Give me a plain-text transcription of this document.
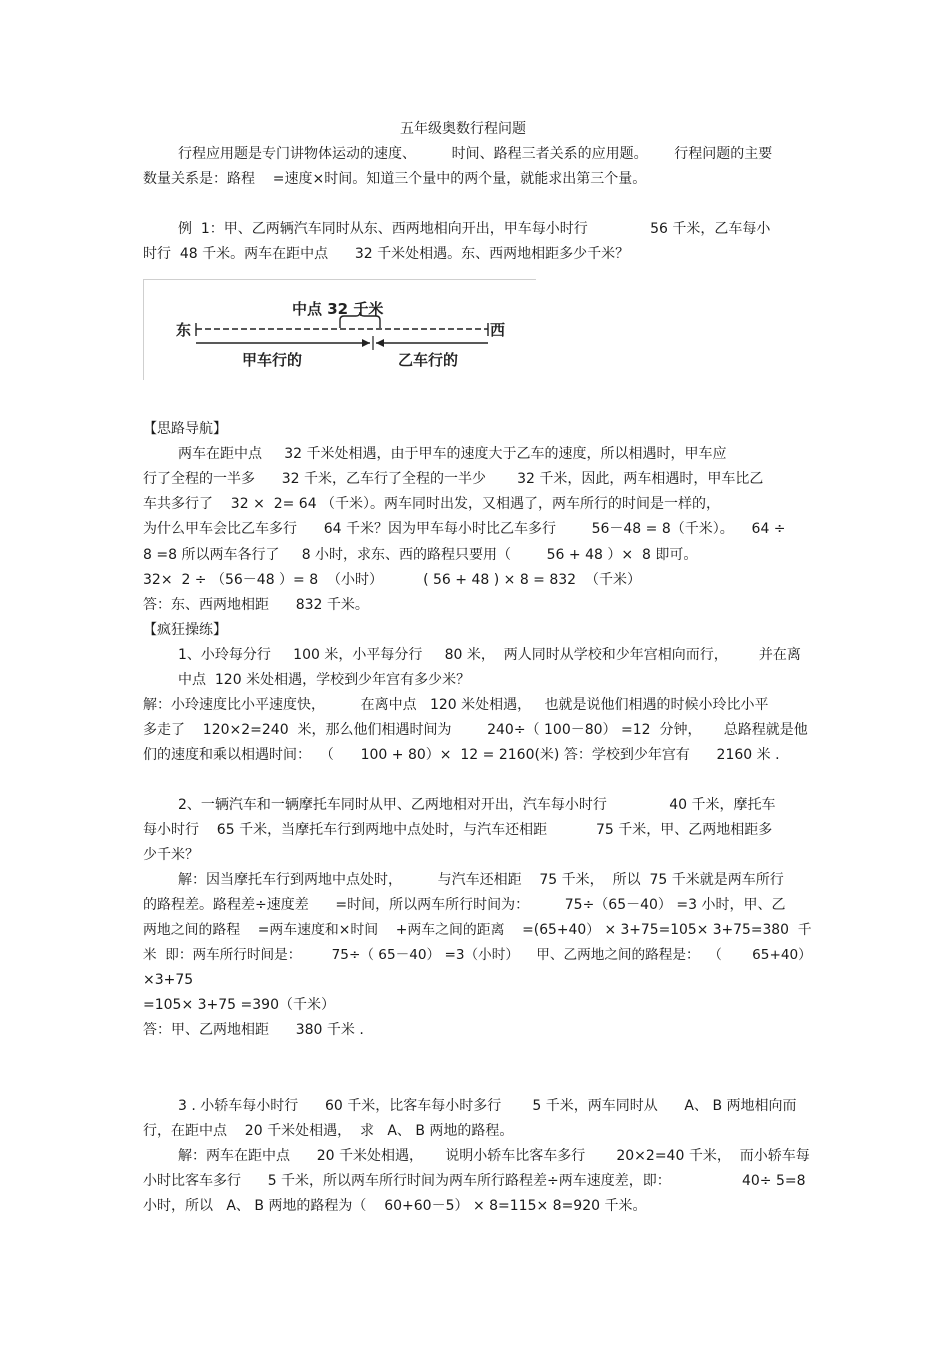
五年级奥数行程问题
行程应用题是专门讲物体运动的速度、        时间、路程三者关系的应用题。      行程问题的主要
数量关系是：路程    =速度×时间。知道三个量中的两个量，就能求出第三个量。
例  1：甲、乙两辆汽车同时从东、西两地相向开出，甲车每小时行              56 千米，乙车每小
时行  48 千米。两车在距中点      32 千米处相遇。东、西两地相距多少千米？
中点 32 千米
东	西
甲车行的	乙车行的
【思路导航】
两车在距中点     32 千米处相遇，由于甲车的速度大于乙车的速度，所以相遇时，甲车应
行了全程的一半多      32 千米，乙车行了全程的一半少       32 千米，因此，两车相遇时，甲车比乙
车共多行了    32 ×  2= 64 （千米）。两车同时出发，又相遇了，两车所行的时间是一样的，
为什么甲车会比乙车多行      64 千米？因为甲车每小时比乙车多行        56－48 = 8（千米）。    64 ÷
8 =8 所以两车各行了     8 小时，求东、西的路程只要用（        56 + 48 ）×  8 即可。
32×  2 ÷ （56－48 ）= 8  （小时）         ( 56 + 48 ) × 8 = 832  （千米）
答：东、西两地相距      832 千米。
【疯狂操练】
1、小玲每分行     100 米，小平每分行     80 米，  两人同时从学校和少年宫相向而行，       并在离
中点  120 米处相遇，学校到少年宫有多少米？
解：小玲速度比小平速度快，        在离中点   120 米处相遇，   也就是说他们相遇的时候小玲比小平
多走了    120×2=240  米，那么他们相遇时间为        240÷（ 100－80） =12  分钟，     总路程就是他
们的速度和乘以相遇时间：  （      100 + 80）×  12 = 2160(米) 答：学校到少年宫有      2160 米 .
2、一辆汽车和一辆摩托车同时从甲、乙两地相对开出，汽车每小时行              40 千米，摩托车
每小时行    65 千米，当摩托车行到两地中点处时，与汽车还相距           75 千米，甲、乙两地相距多
少千米？
解：因当摩托车行到两地中点处时，        与汽车还相距    75 千米，  所以  75 千米就是两车所行
的路程差。路程差÷速度差      =时间，所以两车所行时间为：        75÷（65－40） =3 小时，甲、乙
两地之间的路程    =两车速度和×时间    +两车之间的距离    =(65+40） × 3+75=105× 3+75=380  千
米  即：两车所行时间是：       75÷（ 65－40） =3（小时）    甲、乙两地之间的路程是：  （       65+40）
×3+75
=105× 3+75 =390（千米）
答：甲、乙两地相距      380 千米 .
3 . 小轿车每小时行      60 千米，比客车每小时多行       5 千米，两车同时从      A、 B 两地相向而
行，在距中点    20 千米处相遇，  求   A、 B 两地的路程。
解：两车在距中点      20 千米处相遇，     说明小轿车比客车多行       20×2=40 千米，  而小轿车每
小时比客车多行      5 千米，所以两车所行时间为两车所行路程差÷两车速度差，即：                40÷ 5=8
小时，所以   A、 B 两地的路程为（    60+60－5） × 8=115× 8=920 千米。
